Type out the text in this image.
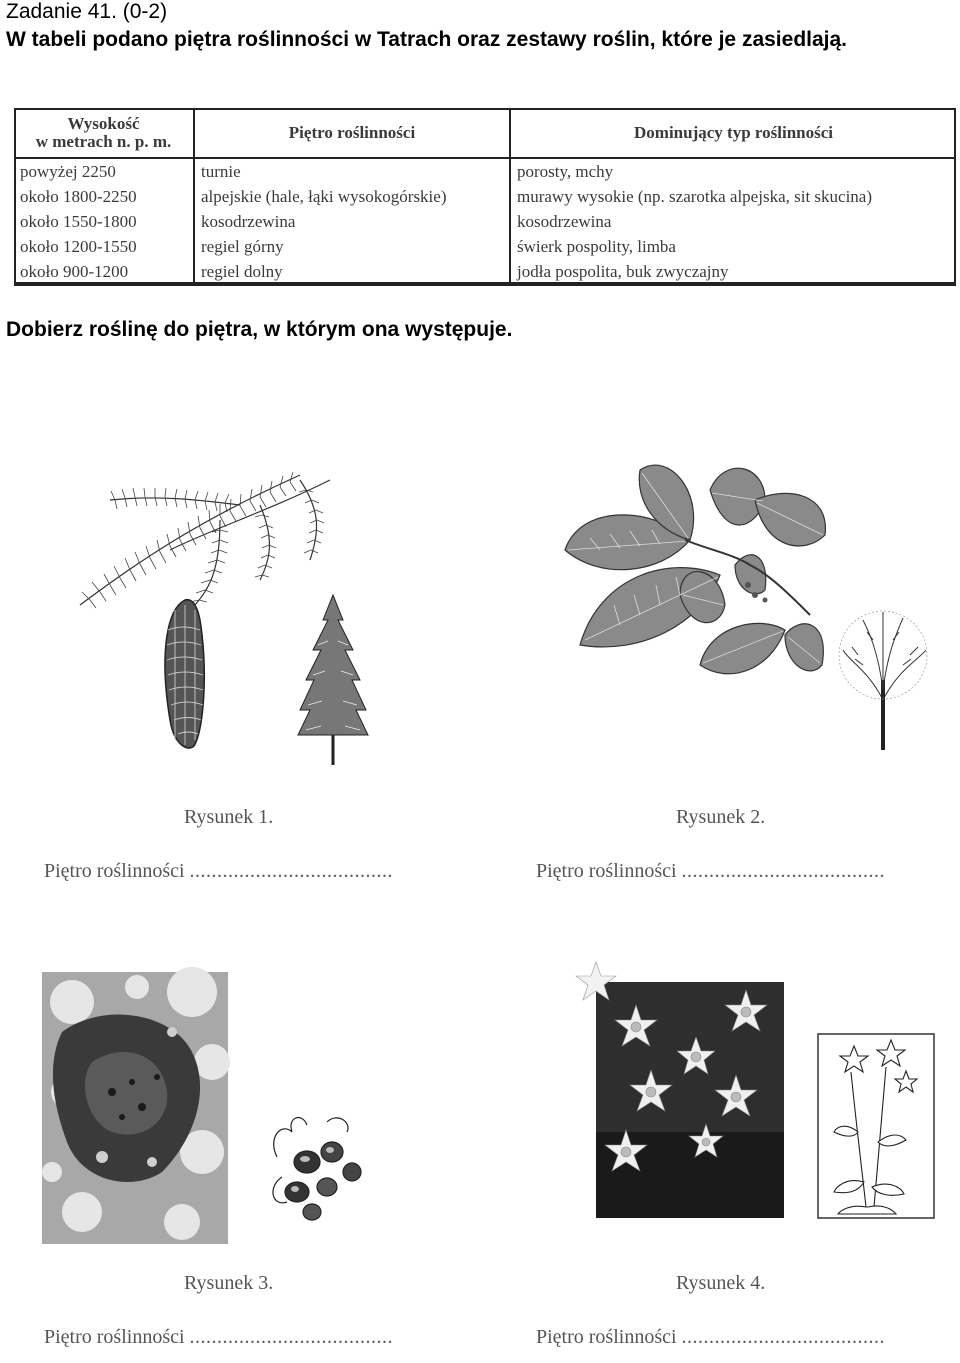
Zadanie 41. (0-2)
W tabeli podano piętra roślinności w Tatrach oraz zestawy roślin, które je zasiedlają.
Wysokość
w metrach n. p. m.	Piętro roślinności	Dominujący typ roślinności
powyżej 2250	turnie	porosty, mchy
około 1800-2250	alpejskie (hale, łąki wysokogórskie)	murawy wysokie (np. szarotka alpejska, sit skucina)
około 1550-1800	kosodrzewina	kosodrzewina
około 1200-1550	regiel górny	świerk pospolity, limba
około 900-1200	regiel dolny	jodła pospolita, buk zwyczajny
Dobierz roślinę do piętra, w którym ona występuje.
Rysunek 1.	Rysunek 2.
Piętro roślinności .....................................	Piętro roślinności .....................................
Rysunek 3.	Rysunek 4.
Piętro roślinności .....................................	Piętro roślinności .....................................
